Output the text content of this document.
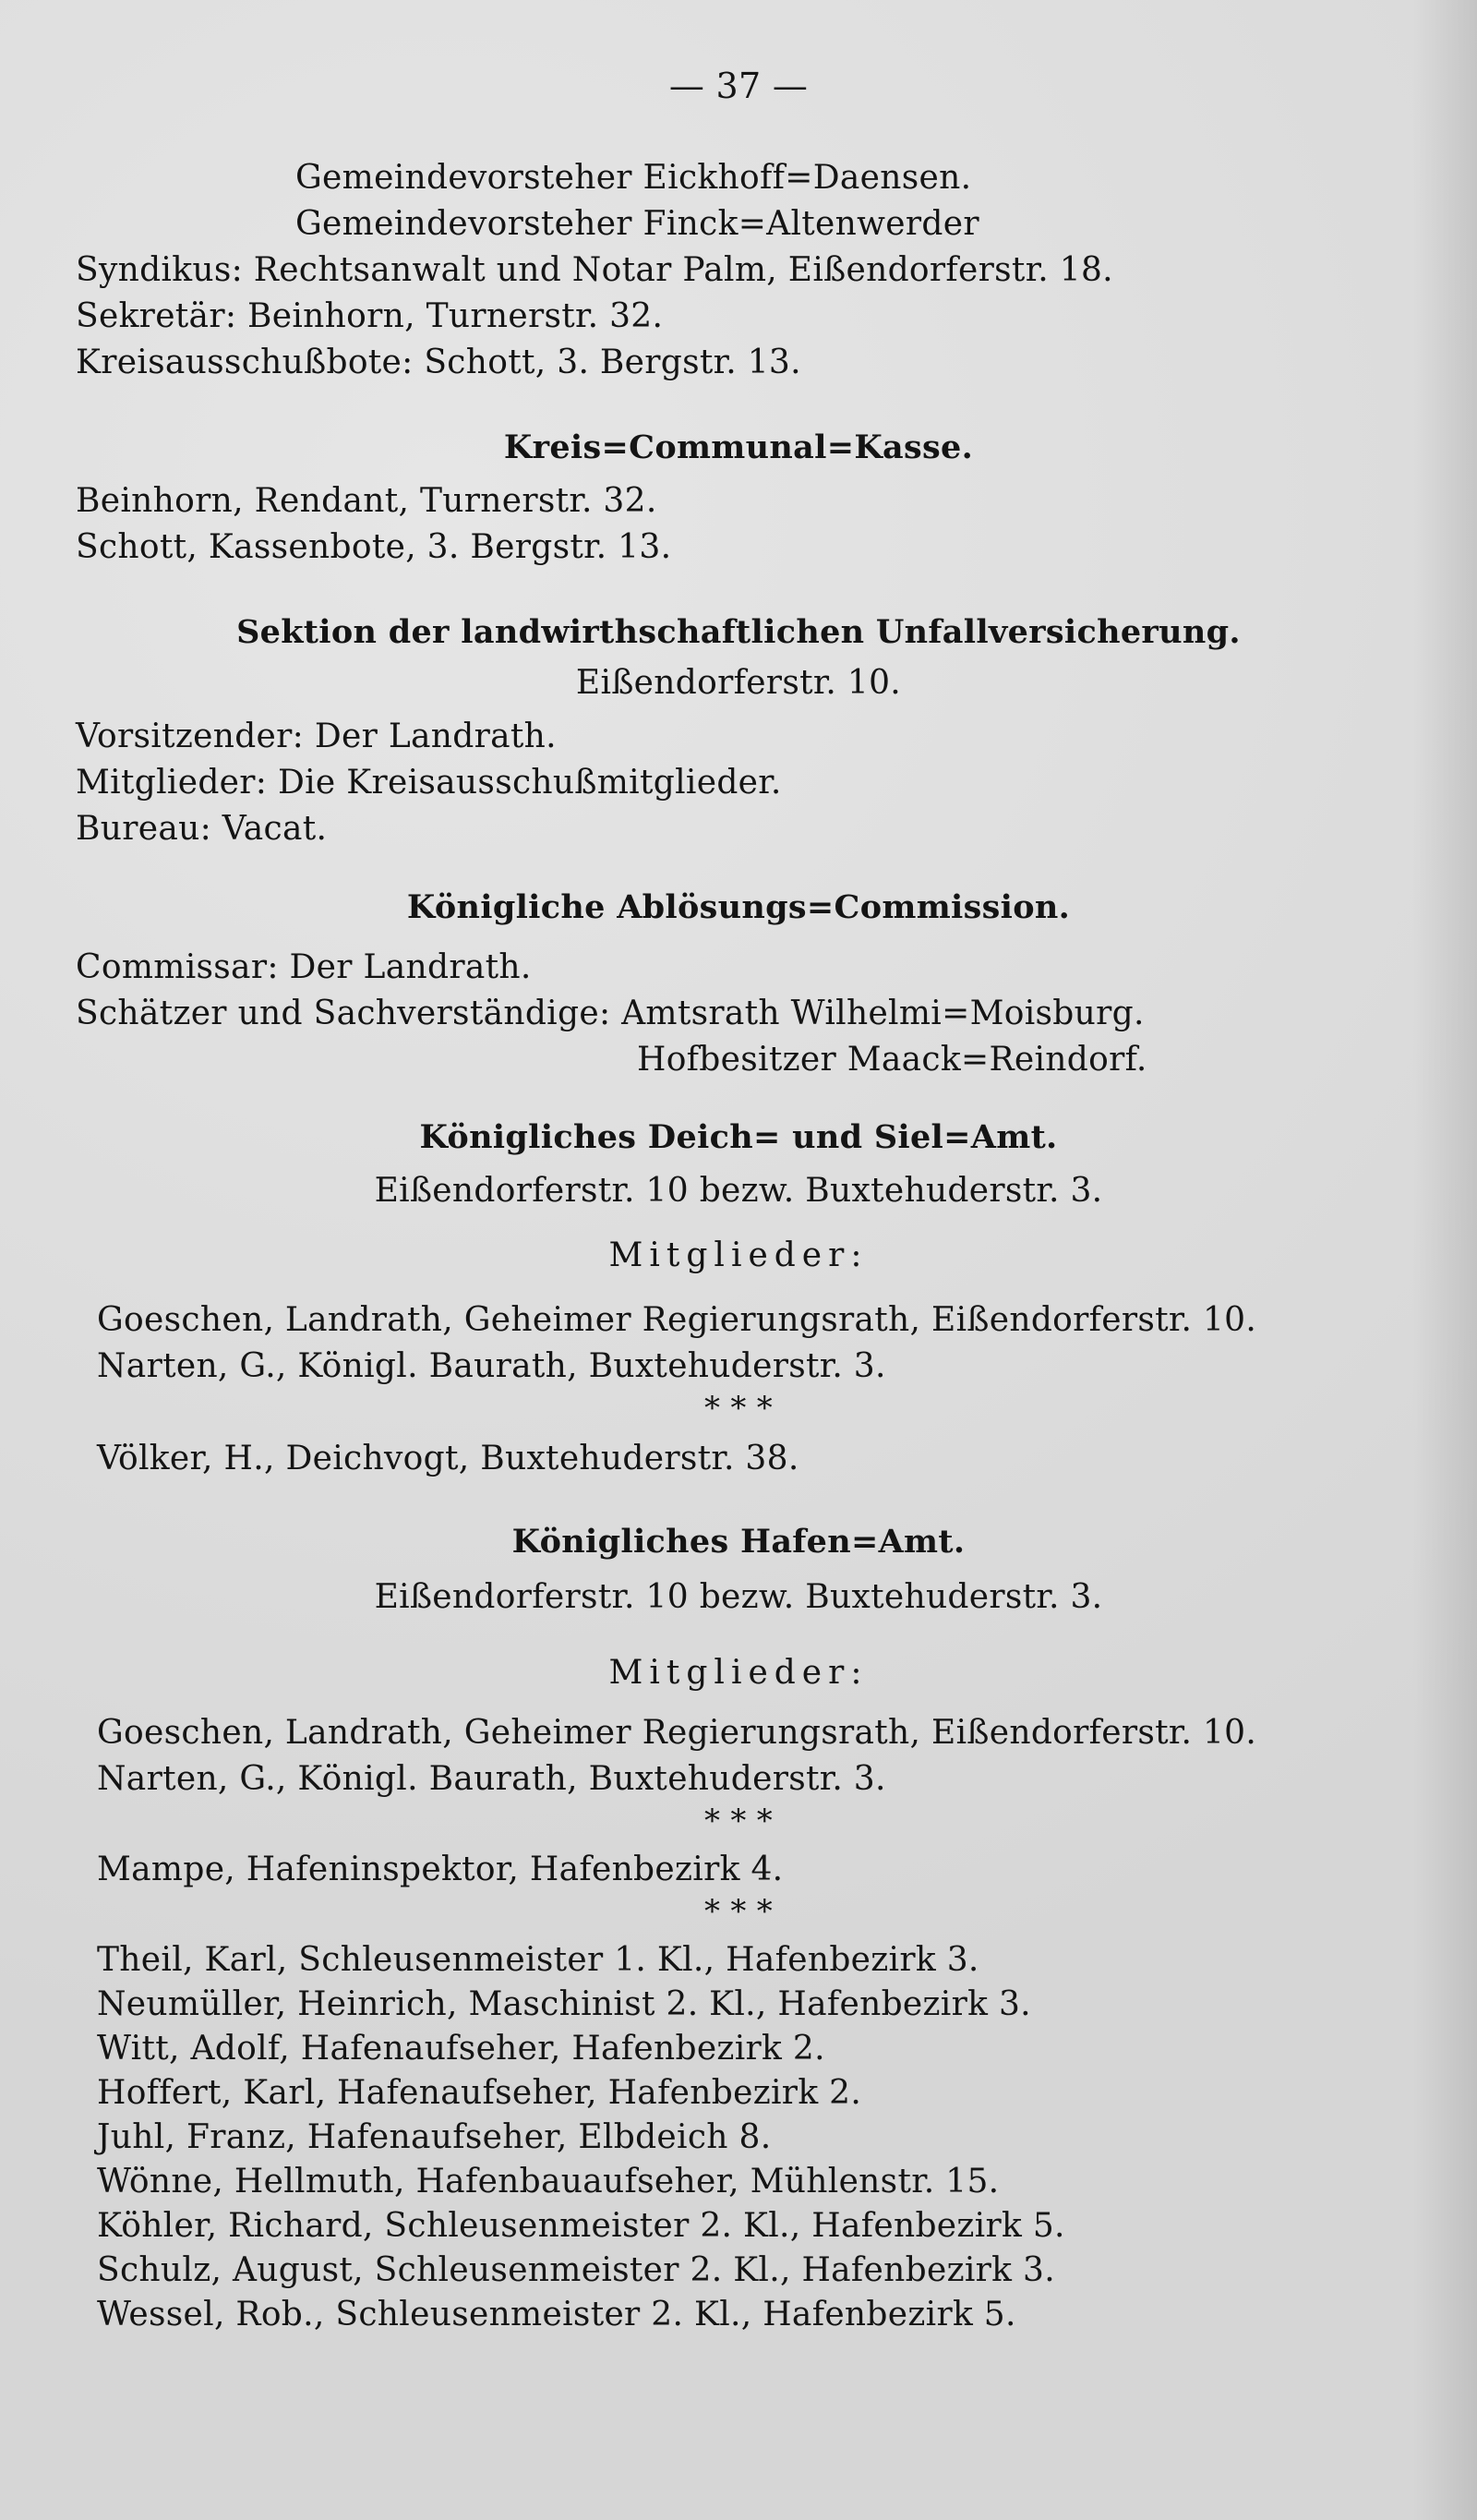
— 37 —
Gemeindevorsteher Eickhoff=Daensen.
Gemeindevorsteher Finck=Altenwerder
Syndikus: Rechtsanwalt und Notar Palm, Eißendorferstr. 18.
Sekretär: Beinhorn, Turnerstr. 32.
Kreisausschußbote: Schott, 3. Bergstr. 13.
Kreis=Communal=Kasse.
Beinhorn, Rendant, Turnerstr. 32.
Schott, Kassenbote, 3. Bergstr. 13.
Sektion der landwirthschaftlichen Unfallversicherung.
Eißendorferstr. 10.
Vorsitzender: Der Landrath.
Mitglieder: Die Kreisausschußmitglieder.
Bureau: Vacat.
Königliche Ablösungs=Commission.
Commissar: Der Landrath.
Schätzer und Sachverständige: Amtsrath Wilhelmi=Moisburg.
Hofbesitzer Maack=Reindorf.
Königliches Deich= und Siel=Amt.
Eißendorferstr. 10 bezw. Buxtehuderstr. 3.
Mitglieder:
Goeschen, Landrath, Geheimer Regierungsrath, Eißendorferstr. 10.
Narten, G., Königl. Baurath, Buxtehuderstr. 3.
* * *
Völker, H., Deichvogt, Buxtehuderstr. 38.
Königliches Hafen=Amt.
Eißendorferstr. 10 bezw. Buxtehuderstr. 3.
Mitglieder:
Goeschen, Landrath, Geheimer Regierungsrath, Eißendorferstr. 10.
Narten, G., Königl. Baurath, Buxtehuderstr. 3.
* * *
Mampe, Hafeninspektor, Hafenbezirk 4.
* * *
Theil, Karl, Schleusenmeister 1. Kl., Hafenbezirk 3.
Neumüller, Heinrich, Maschinist 2. Kl., Hafenbezirk 3.
Witt, Adolf, Hafenaufseher, Hafenbezirk 2.
Hoffert, Karl, Hafenaufseher, Hafenbezirk 2.
Juhl, Franz, Hafenaufseher, Elbdeich 8.
Wönne, Hellmuth, Hafenbauaufseher, Mühlenstr. 15.
Köhler, Richard, Schleusenmeister 2. Kl., Hafenbezirk 5.
Schulz, August, Schleusenmeister 2. Kl., Hafenbezirk 3.
Wessel, Rob., Schleusenmeister 2. Kl., Hafenbezirk 5.
